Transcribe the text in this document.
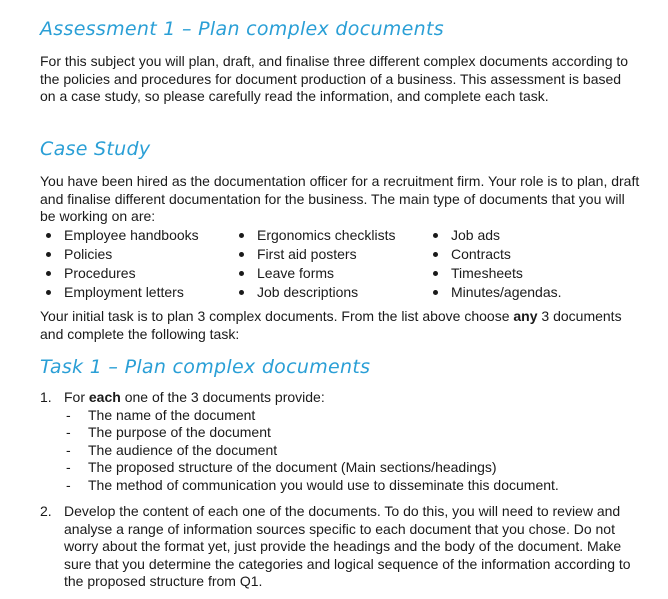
Assessment 1 – Plan complex documents

For this subject you will plan, draft, and finalise three different complex documents according to the policies and procedures for document production of a business. This assessment is based on a case study, so please carefully read the information, and complete each task.

Case Study

You have been hired as the documentation officer for a recruitment firm. Your role is to plan, draft and finalise different documentation for the business. The main type of documents that you will be working on are:

Employee handbooks
Policies
Procedures
Employment letters
Ergonomics checklists
First aid posters
Leave forms
Job descriptions
Job ads
Contracts
Timesheets
Minutes/agendas.

Your initial task is to plan 3 complex documents. From the list above choose any 3 documents and complete the following task:

Task 1 – Plan complex documents
1. For each one of the 3 documents provide:
- The name of the document
- The purpose of the document
- The audience of the document
- The proposed structure of the document (Main sections/headings)
- The method of communication you would use to disseminate this document.
2. Develop the content of each one of the documents. To do this, you will need to review and analyse a range of information sources specific to each document that you chose. Do not worry about the format yet, just provide the headings and the body of the document. Make sure that you determine the categories and logical sequence of the information according to the proposed structure from Q1.
